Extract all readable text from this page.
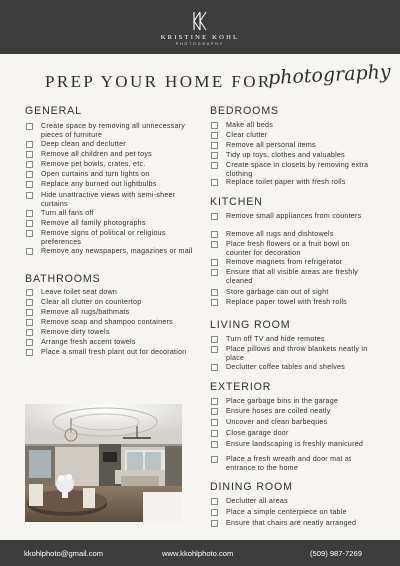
KRISTINE KOHL
PHOTOGRAPHY
PREP YOUR HOME FOR
photography
GENERAL
Create space by removing all unnecessary pieces of furniture
Deep clean and declutter
Remove all children and pet toys
Remove pet bowls, crates, etc.
Open curtains and turn lights on
Replace any burned out lightbulbs
Hide unattractive views with semi-sheer curtains
Turn all fans off
Remove all family photographs
Remove signs of political or religious preferences
Remove any newspapers, magazines or mail
BATHROOMS
Leave toilet seat down
Clear all clutter on countertop
Remove all rugs/bathmats
Remove soap and shampoo containers
Remove dirty towels
Arrange fresh accent towels
Place a small fresh plant out for decoration
BEDROOMS
Make all beds
Clear clutter
Remove all personal items
Tidy up toys, clothes and valuables
Create space in closets by removing extra clothing
Replace toilet paper with fresh rolls
KITCHEN
Remove small appliances from counters
Remove all rugs and dishtowels
Place fresh flowers or a fruit bowl on counter for decoration
Remove magnets from refrigerator
Ensure that all visible areas are freshly cleaned
Store garbage can out of sight
Replace paper towel with fresh rolls
LIVING ROOM
Turn off TV and hide remotes
Place pillows and throw blankets neatly in place
Declutter coffee tables and shelves
EXTERIOR
Place garbage bins in the garage
Ensure hoses are coiled neatly
Uncover and clean barbeques
Close garage door
Ensure landscaping is freshly manicured
Place a fresh wreath and door mat at entrance to the home
DINING ROOM
Declutter all areas
Place a simple centerpiece on table
Ensure that chairs are neatly arranged
kkohlphoto@gmail.com	www.kkohlphoto.com	(509) 987-7269
